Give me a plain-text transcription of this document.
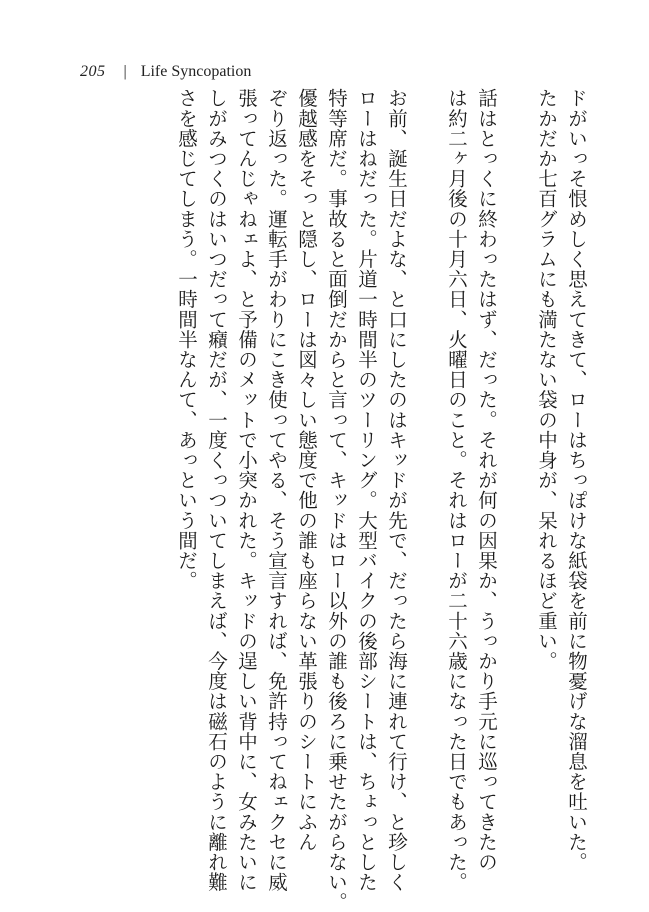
205 | Life Syncopation
ドがいっそ恨めしく思えてきて、ローはちっぽけな紙袋を前に物憂げな溜息を吐いた。
たかだか七百グラムにも満たない袋の中身が、呆れるほど重い。
話はとっくに終わったはず、だった。それが何の因果か、うっかり手元に巡ってきたの
は約二ヶ月後の十月六日、火曜日のこと。それはローが二十六歳になった日でもあった。
お前、誕生日だよな、と口にしたのはキッドが先で、だったら海に連れて行け、と珍しく
ローはねだった。片道一時間半のツーリング。大型バイクの後部シートは、ちょっとした
特等席だ。事故ると面倒だからと言って、キッドはロー以外の誰も後ろに乗せたがらない。
優越感をそっと隠し、ローは図々しい態度で他の誰も座らない革張りのシートにふん
ぞり返った。運転手がわりにこき使ってやる、そう宣言すれば、免許持ってねェクセに威
張ってんじゃねェよ、と予備のメットで小突かれた。キッドの逞しい背中に、女みたいに
しがみつくのはいつだって癪だが、一度くっついてしまえば、今度は磁石のように離れ難
さを感じてしまう。一時間半なんて、あっという間だ。
